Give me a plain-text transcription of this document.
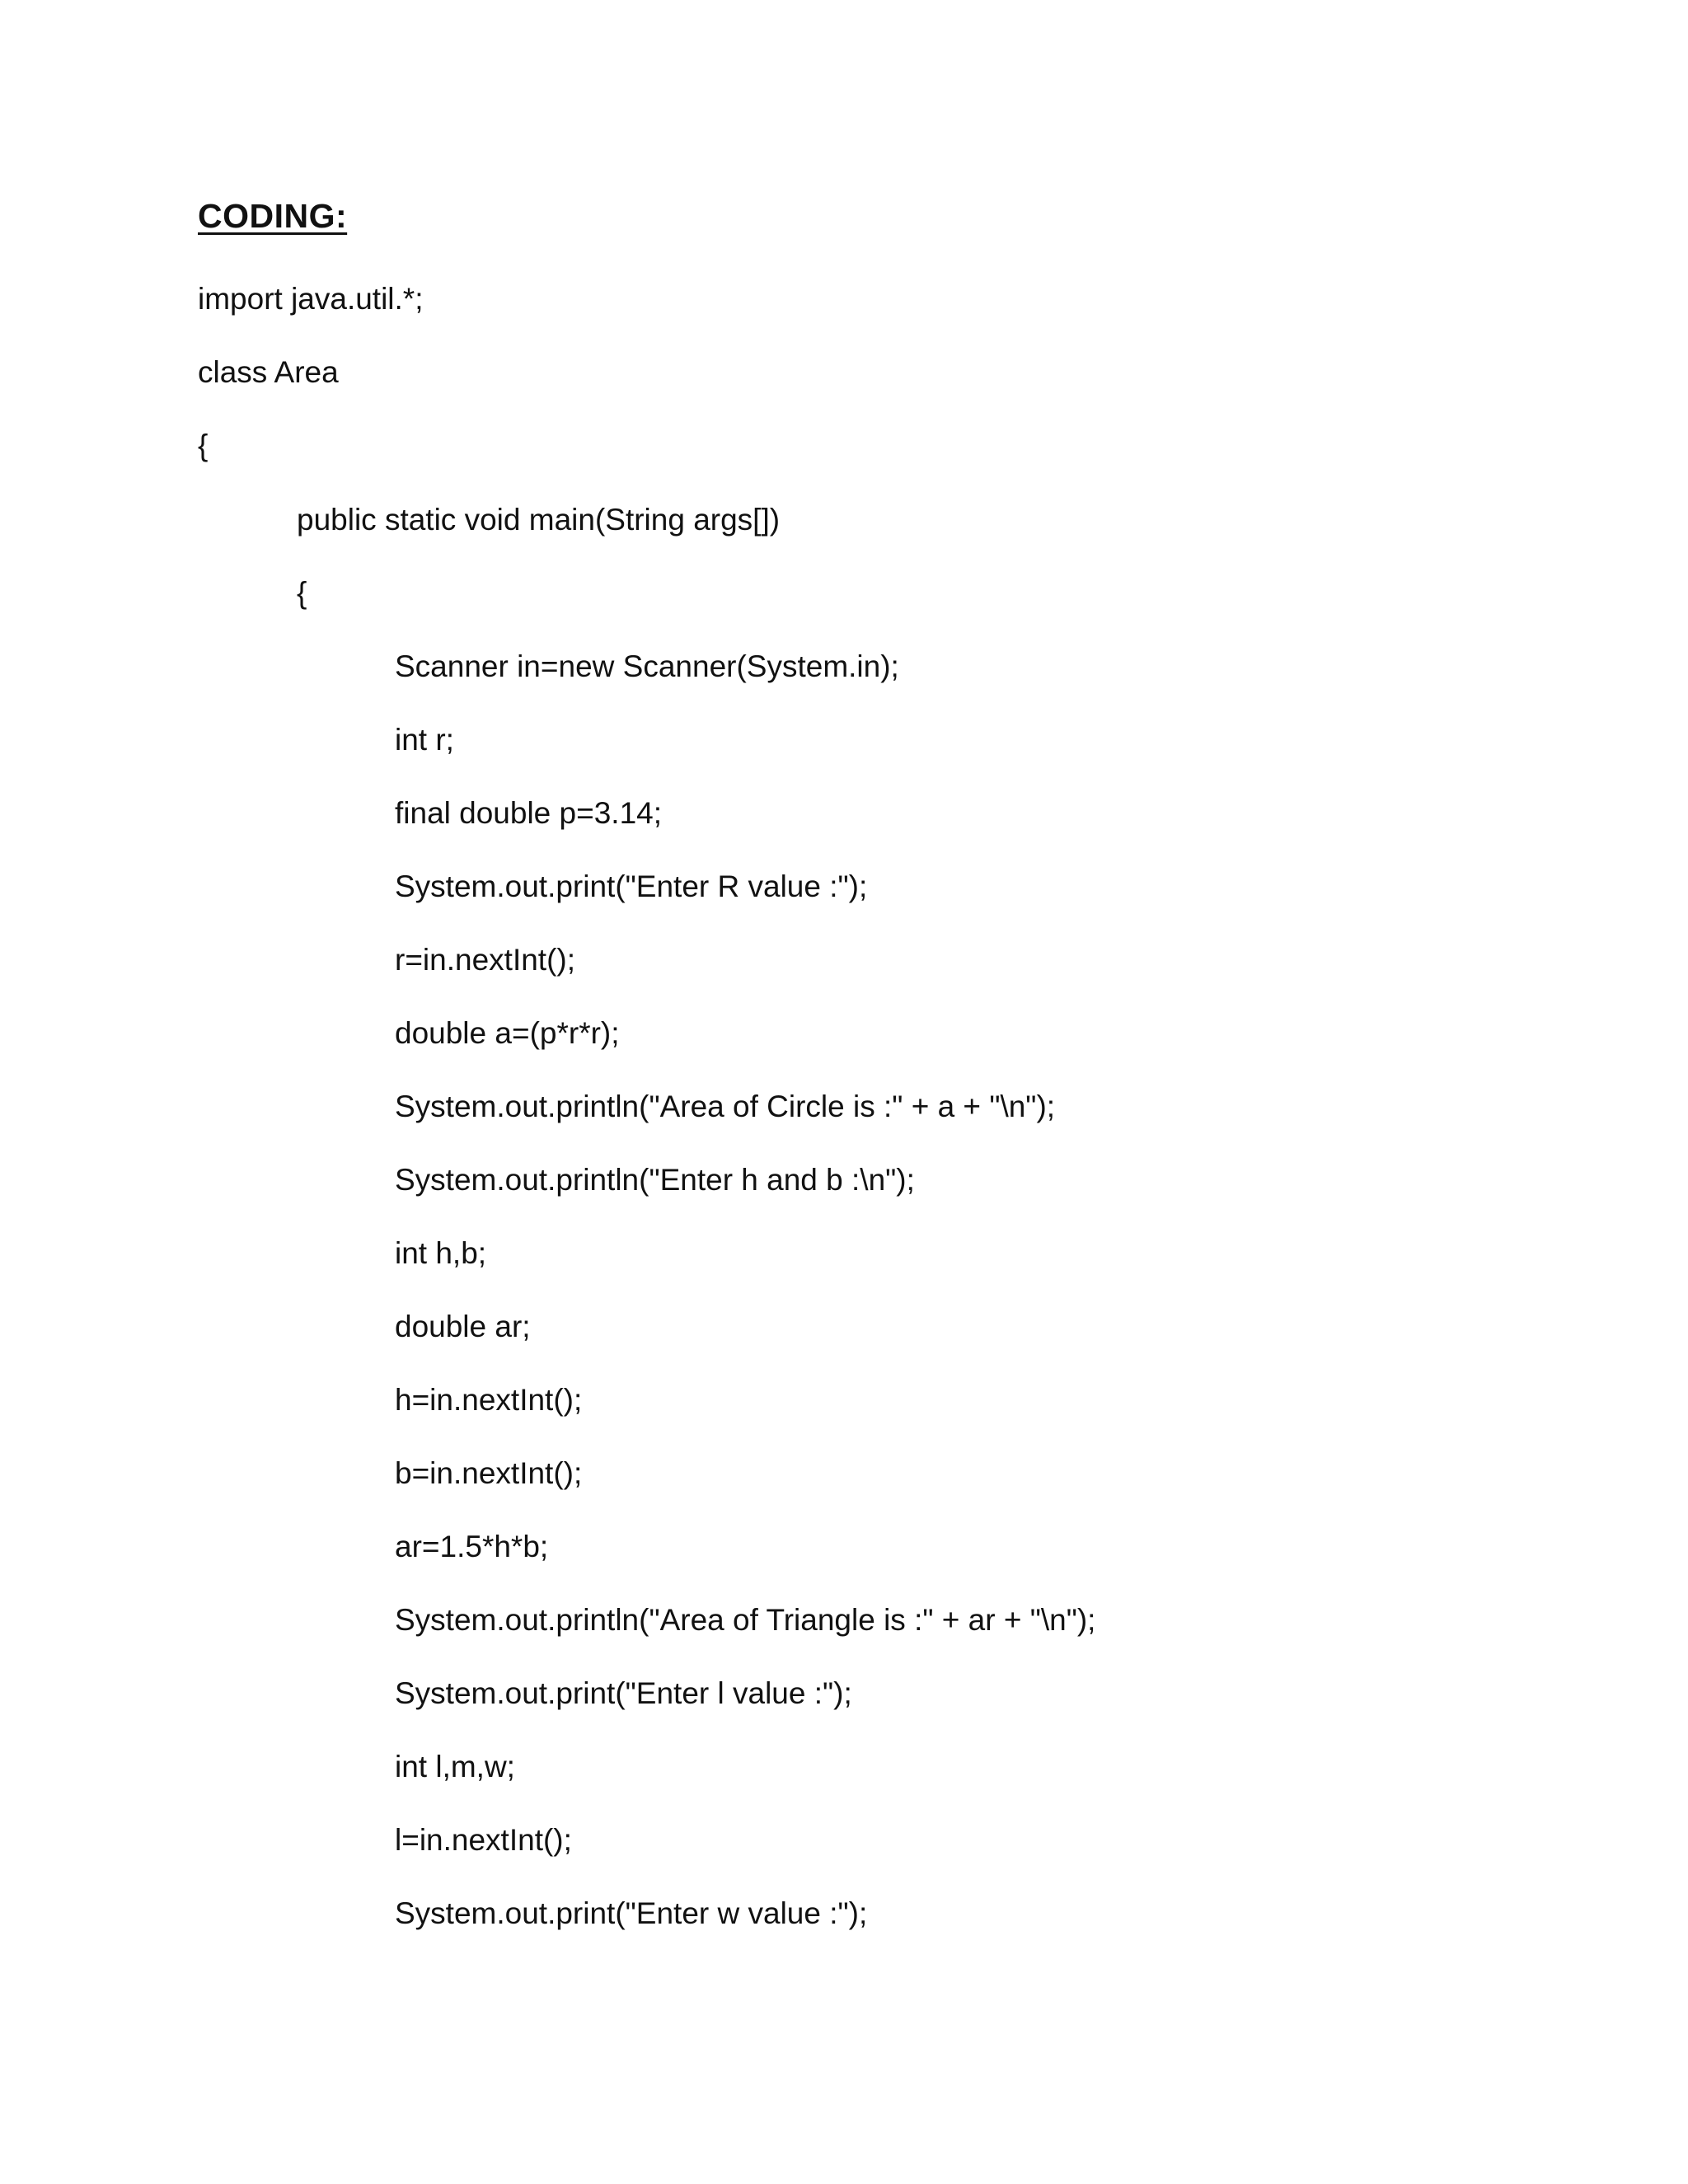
CODING:
import java.util.*;
class Area
{
public static void main(String args[])
{
Scanner in=new Scanner(System.in);
int r;
final double p=3.14;
System.out.print("Enter R value :");
r=in.nextInt();
double a=(p*r*r);
System.out.println("Area of Circle is :" + a + "\n");
System.out.println("Enter h and b :\n");
int h,b;
double ar;
h=in.nextInt();
b=in.nextInt();
ar=1.5*h*b;
System.out.println("Area of Triangle is :" + ar + "\n");
System.out.print("Enter l value :");
int l,m,w;
l=in.nextInt();
System.out.print("Enter w value :");
